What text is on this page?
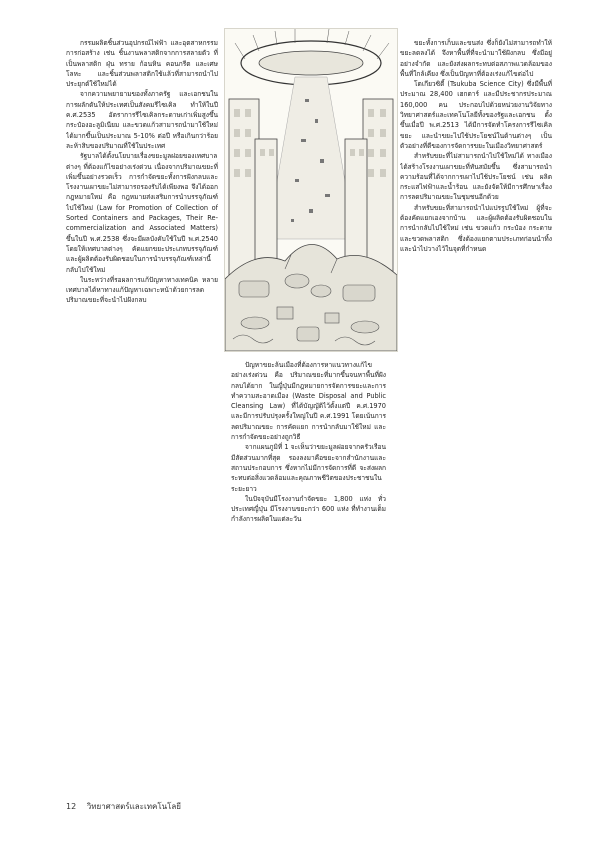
กรรมผลิตชิ้นส่วนอุปกรณ์ไฟฟ้า และอุตสาหกรรมการก่อสร้าง เช่น ชิ้นงานพลาสติกจากการสลายตัว ที่เป็นพลาสติก ฝุ่น ทราย ก้อนหิน คอนกรีต และเศษโลหะ และชิ้นส่วนพลาสติกใช้แล้วที่สามารถนำไปประยุกต์ใช้ใหม่ได้

จากความพยายามของทั้งภาครัฐ และเอกชนในการผลักดันให้ประเทศเป็นสังคมรีไซเคิล ทำให้ในปี ค.ศ.2535 อัตราการรีไซเคิลกระดาษเก่าเพิ่มสูงขึ้น กระป๋องอะลูมิเนียม และขวดแก้วสามารถนำมาใช้ใหม่ได้มากขึ้นเป็นประมาณ 5-10% ต่อปี หรือเกินกว่าร้อยละห้าสิบของปริมาณที่ใช้ในประเทศ

รัฐบาลได้ตั้งนโยบายเรื่องขยะมูลฝอยของเทศบาลต่างๆ ที่ต้องแก้ไขอย่างเร่งด่วน เนื่องจากปริมาณขยะที่เพิ่มขึ้นอย่างรวดเร็ว การกำจัดขยะทั้งการฝังกลบและโรงงานเผาขยะไม่สามารถรองรับได้เพียงพอ จึงได้ออกกฎหมายใหม่ คือ กฎหมายส่งเสริมการนำบรรจุภัณฑ์ไปใช้ใหม่ (Law for Promotion of Collection of Sorted Containers and Packages, Their Re-commercialization and Associated Matters) ขึ้นในปี พ.ศ.2538 ซึ่งจะมีผลบังคับใช้ในปี พ.ศ.2540 โดยให้เทศบาลต่างๆ คัดแยกขยะประเภทบรรจุภัณฑ์ และผู้ผลิตต้องรับผิดชอบในการนำบรรจุภัณฑ์เหล่านี้กลับไปใช้ใหม่

ในระหว่างที่รอผลการแก้ปัญหาทางเทคนิค หลายเทศบาลได้หาทางแก้ปัญหาเฉพาะหน้าด้วยการลดปริมาณขยะที่จะนำไปฝังกลบ

ปัญหาขยะล้นเมืองที่ต้องการหาแนวทางแก้ไขอย่างเร่งด่วน คือ ปริมาณขยะที่มากขึ้นจนหาพื้นที่ฝังกลบได้ยาก ในญี่ปุ่นมีกฎหมายการจัดการขยะและการทำความสะอาดเมือง (Waste Disposal and Public Cleansing Law) ที่ได้บัญญัติไว้ตั้งแต่ปี ค.ศ.1970 และมีการปรับปรุงครั้งใหญ่ในปี ค.ศ.1991 โดยเน้นการลดปริมาณขยะ การคัดแยก การนำกลับมาใช้ใหม่ และการกำจัดขยะอย่างถูกวิธี

จากแผนภูมิที่ 1 จะเห็นว่าขยะมูลฝอยจากครัวเรือนมีสัดส่วนมากที่สุด รองลงมาคือขยะจากสำนักงานและสถานประกอบการ ซึ่งหากไม่มีการจัดการที่ดี จะส่งผลกระทบต่อสิ่งแวดล้อมและคุณภาพชีวิตของประชาชนในระยะยาว

ในปัจจุบันมีโรงงานกำจัดขยะ 1,800 แห่ง ทั่วประเทศญี่ปุ่น มีโรงงานขยะกว่า 600 แห่ง ที่ทำงานเต็มกำลังการผลิตในแต่ละวัน

ขยะทั้งการเก็บและขนส่ง ซึ่งก็ยังไม่สามารถทำให้ขยะลดลงได้ จึงหาพื้นที่ที่จะนำมาใช้ฝังกลบ ซึ่งมีอยู่อย่างจำกัด และยังส่งผลกระทบต่อสภาพแวดล้อมของพื้นที่ใกล้เคียง ซึ่งเป็นปัญหาที่ต้องเร่งแก้ไขต่อไป

โตเกียวซิตี้ (Tsukuba Science City) ซึ่งมีพื้นที่ประมาณ 28,400 เฮกตาร์ และมีประชากรประมาณ 160,000 คน ประกอบไปด้วยหน่วยงานวิจัยทางวิทยาศาสตร์และเทคโนโลยีทั้งของรัฐและเอกชน ตั้งขึ้นเมื่อปี พ.ศ.2513 ได้มีการจัดทำโครงการรีไซเคิลขยะ และนำขยะไปใช้ประโยชน์ในด้านต่างๆ เป็นตัวอย่างที่ดีของการจัดการขยะในเมืองวิทยาศาสตร์

สำหรับขยะที่ไม่สามารถนำไปใช้ใหม่ได้ ทางเมืองได้สร้างโรงงานเผาขยะที่ทันสมัยขึ้น ซึ่งสามารถนำความร้อนที่ได้จากการเผาไปใช้ประโยชน์ เช่น ผลิตกระแสไฟฟ้าและน้ำร้อน และยังจัดให้มีการศึกษาเรื่องการลดปริมาณขยะในชุมชนอีกด้วย

สำหรับขยะที่สามารถนำไปแปรรูปใช้ใหม่ ผู้ที่จะต้องคัดแยกเองจากบ้าน และผู้ผลิตต้องรับผิดชอบในการนำกลับไปใช้ใหม่ เช่น ขวดแก้ว กระป๋อง กระดาษ และขวดพลาสติก ซึ่งต้องแยกตามประเภทก่อนนำทิ้ง และนำไปวางไว้ในจุดที่กำหนด

12 วิทยาศาสตร์และเทคโนโลยี
